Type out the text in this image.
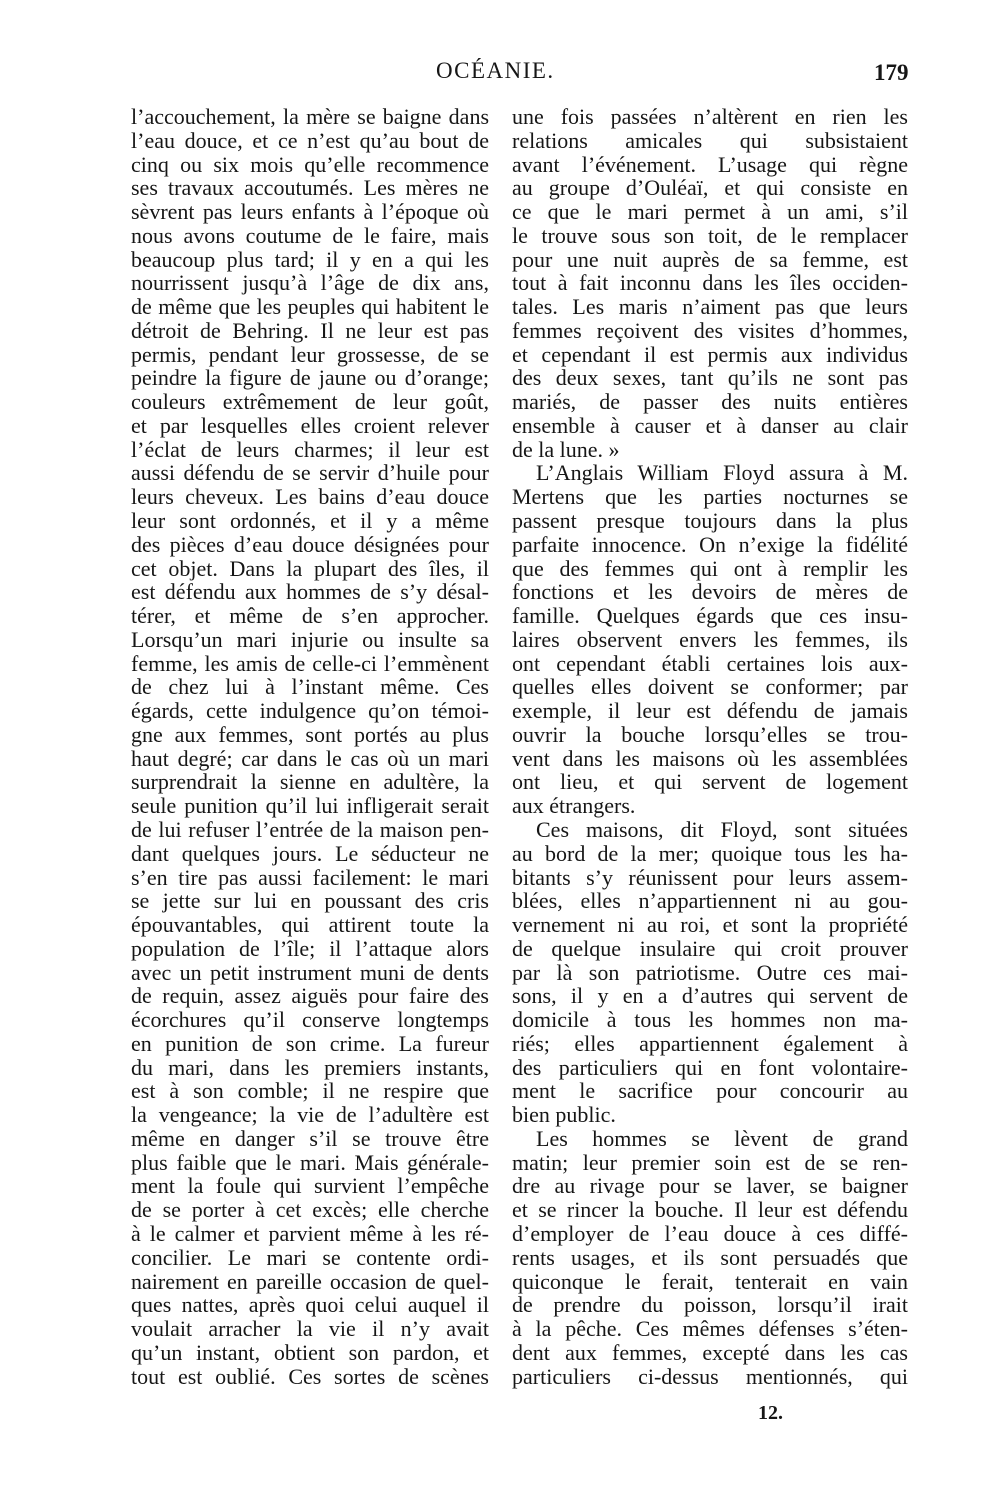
OCÉANIE.	179
l’accouchement, la mère se baigne dans
l’eau douce, et ce n’est qu’au bout de
cinq ou six mois qu’elle recommence
ses travaux accoutumés. Les mères ne
sèvrent pas leurs enfants à l’époque où
nous avons coutume de le faire, mais
beaucoup plus tard; il y en a qui les
nourrissent jusqu’à l’âge de dix ans,
de même que les peuples qui habitent le
détroit de Behring. Il ne leur est pas
permis, pendant leur grossesse, de se
peindre la figure de jaune ou d’orange;
couleurs extrêmement de leur goût,
et par lesquelles elles croient relever
l’éclat de leurs charmes; il leur est
aussi défendu de se servir d’huile pour
leurs cheveux. Les bains d’eau douce
leur sont ordonnés, et il y a même
des pièces d’eau douce désignées pour
cet objet. Dans la plupart des îles, il
est défendu aux hommes de s’y désal-
térer, et même de s’en approcher.
Lorsqu’un mari injurie ou insulte sa
femme, les amis de celle-ci l’emmènent
de chez lui à l’instant même. Ces
égards, cette indulgence qu’on témoi-
gne aux femmes, sont portés au plus
haut degré; car dans le cas où un mari
surprendrait la sienne en adultère, la
seule punition qu’il lui infligerait serait
de lui refuser l’entrée de la maison pen-
dant quelques jours. Le séducteur ne
s’en tire pas aussi facilement: le mari
se jette sur lui en poussant des cris
épouvantables, qui attirent toute la
population de l’île; il l’attaque alors
avec un petit instrument muni de dents
de requin, assez aiguës pour faire des
écorchures qu’il conserve longtemps
en punition de son crime. La fureur
du mari, dans les premiers instants,
est à son comble; il ne respire que
la vengeance; la vie de l’adultère est
même en danger s’il se trouve être
plus faible que le mari. Mais générale-
ment la foule qui survient l’empêche
de se porter à cet excès; elle cherche
à le calmer et parvient même à les ré-
concilier. Le mari se contente ordi-
nairement en pareille occasion de quel-
ques nattes, après quoi celui auquel il
voulait arracher la vie il n’y avait
qu’un instant, obtient son pardon, et
tout est oublié. Ces sortes de scènes
une fois passées n’altèrent en rien les
relations amicales qui subsistaient
avant l’événement. L’usage qui règne
au groupe d’Ouléaï, et qui consiste en
ce que le mari permet à un ami, s’il
le trouve sous son toit, de le remplacer
pour une nuit auprès de sa femme, est
tout à fait inconnu dans les îles occiden-
tales. Les maris n’aiment pas que leurs
femmes reçoivent des visites d’hommes,
et cependant il est permis aux individus
des deux sexes, tant qu’ils ne sont pas
mariés, de passer des nuits entières
ensemble à causer et à danser au clair
de la lune. »
L’Anglais William Floyd assura à M.
Mertens que les parties nocturnes se
passent presque toujours dans la plus
parfaite innocence. On n’exige la fidélité
que des femmes qui ont à remplir les
fonctions et les devoirs de mères de
famille. Quelques égards que ces insu-
laires observent envers les femmes, ils
ont cependant établi certaines lois aux-
quelles elles doivent se conformer; par
exemple, il leur est défendu de jamais
ouvrir la bouche lorsqu’elles se trou-
vent dans les maisons où les assemblées
ont lieu, et qui servent de logement
aux étrangers.
Ces maisons, dit Floyd, sont situées
au bord de la mer; quoique tous les ha-
bitants s’y réunissent pour leurs assem-
blées, elles n’appartiennent ni au gou-
vernement ni au roi, et sont la propriété
de quelque insulaire qui croit prouver
par là son patriotisme. Outre ces mai-
sons, il y en a d’autres qui servent de
domicile à tous les hommes non ma-
riés; elles appartiennent également à
des particuliers qui en font volontaire-
ment le sacrifice pour concourir au
bien public.
Les hommes se lèvent de grand
matin; leur premier soin est de se ren-
dre au rivage pour se laver, se baigner
et se rincer la bouche. Il leur est défendu
d’employer de l’eau douce à ces diffé-
rents usages, et ils sont persuadés que
quiconque le ferait, tenterait en vain
de prendre du poisson, lorsqu’il irait
à la pêche. Ces mêmes défenses s’éten-
dent aux femmes, excepté dans les cas
particuliers ci-dessus mentionnés, qui
12.
